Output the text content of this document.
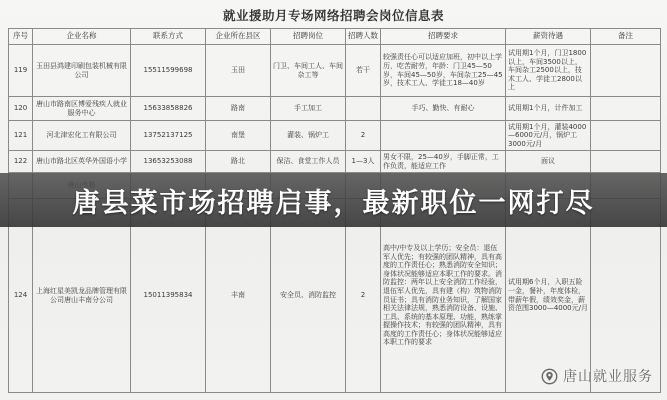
就业援助月专场网络招聘会岗位信息表
序号	企业名称	联系方式	企业所在县区	招聘岗位	招聘人数	招聘要求	薪资待遇	备注

119	玉田县鸿建印刷包装机械有限公司	15511599698	玉田	门卫、车间工人、车间杂工等	若干	较强责任心可以适应加班，初中以上学历，吃苦耐劳，年龄：门卫45—50岁，车间45—50岁，车间杂工25—45岁，技术工人、学徒工18—40岁	试用期1个月，门卫1800以上，车间3500以上，车间杂工2500以上，技术工人、学徒工2800以上	

120	唐山市路南区博爱残疾人就业服务中心	15633858826	路南	手工加工		手巧、勤快、有耐心	试用期1个月，计件加工	

121	河北津宏化工有限公司	13752137125	南堡	灌装、锅炉工	2		试用期1个月，灌装4000—6000元/月，锅炉工3000元/月	

122	唐山市路北区英华外国语小学	13653253088	路北	保洁、食堂工作人员	1—3人	男女不限，25—40岁，手脚正常，工作负责，能适应工作	面议	

124	上海红星美凯龙品牌管理有限公司唐山丰南分公司	15011395834	丰南	安全员、消防监控	2	高中/中专及以上学历；安全员：退伍军人优先；有较强的团队精神，具有高度的工作责任心；熟悉消防安全知识；身体状况能够适应本职工作的要求。消防监控：两年以上安全消防工作经验，退伍军人优先，具有建（构）筑物消防员证书；具有消防业务知识，了解国家相关法律法规，熟悉消防设备、设施、工具、系统的基本原理、功能，熟练掌握操作技术；有较强的团队精神，具有高度的工作责任心；身体状况能够适应本职工作的要求	试用期6个月，入职五险一金，餐补，年度体检，带薪年假，绩效奖金，薪资范围3000—4000元/月	

唐县菜市场招聘启事，最新职位一网打尽
唐山就业服务
